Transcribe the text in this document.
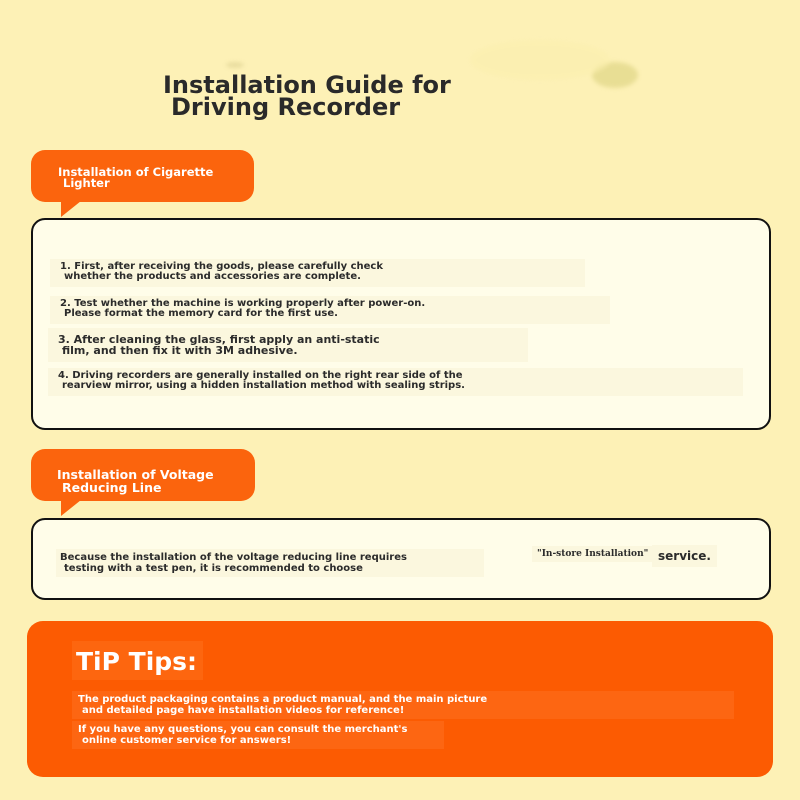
Installation Guide for

Driving Recorder
Installation of Cigarette
Lighter
1. First, after receiving the goods, please carefully check
whether the products and accessories are complete.
2. Test whether the machine is working properly after power-on.
Please format the memory card for the first use.
3. After cleaning the glass, first apply an anti-static
film, and then fix it with 3M adhesive.
4. Driving recorders are generally installed on the right rear side of the
rearview mirror, using a hidden installation method with sealing strips.
Installation of Voltage
Reducing Line
Because the installation of the voltage reducing line requires
testing with a test pen, it is recommended to choose
"In-store Installation" service.
TiP Tips:
The product packaging contains a product manual, and the main picture
and detailed page have installation videos for reference!
If you have any questions, you can consult the merchant's
online customer service for answers!
